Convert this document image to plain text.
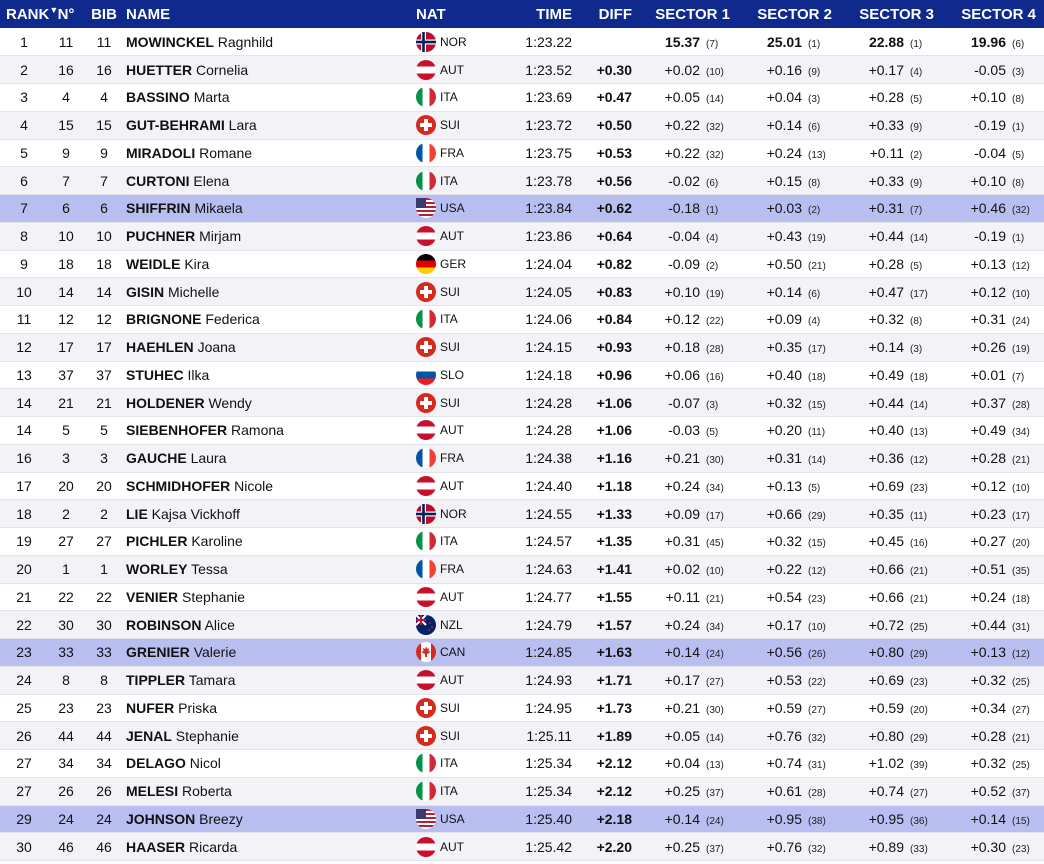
RANK▼	N°	BIB	NAME	NAT	TIME	DIFF	SECTOR 1	SECTOR 2	SECTOR 3	SECTOR 4
1	11	11	MOWINCKEL Ragnhild	NOR	1:23.22		15.37 (7)	25.01 (1)	22.88 (1)	19.96 (6)
2	16	16	HUETTER Cornelia	AUT	1:23.52	+0.30	+0.02 (10)	+0.16 (9)	+0.17 (4)	-0.05 (3)
3	4	4	BASSINO Marta	ITA	1:23.69	+0.47	+0.05 (14)	+0.04 (3)	+0.28 (5)	+0.10 (8)
4	15	15	GUT-BEHRAMI Lara	SUI	1:23.72	+0.50	+0.22 (32)	+0.14 (6)	+0.33 (9)	-0.19 (1)
5	9	9	MIRADOLI Romane	FRA	1:23.75	+0.53	+0.22 (32)	+0.24 (13)	+0.11 (2)	-0.04 (5)
6	7	7	CURTONI Elena	ITA	1:23.78	+0.56	-0.02 (6)	+0.15 (8)	+0.33 (9)	+0.10 (8)
7	6	6	SHIFFRIN Mikaela	USA	1:23.84	+0.62	-0.18 (1)	+0.03 (2)	+0.31 (7)	+0.46 (32)
8	10	10	PUCHNER Mirjam	AUT	1:23.86	+0.64	-0.04 (4)	+0.43 (19)	+0.44 (14)	-0.19 (1)
9	18	18	WEIDLE Kira	GER	1:24.04	+0.82	-0.09 (2)	+0.50 (21)	+0.28 (5)	+0.13 (12)
10	14	14	GISIN Michelle	SUI	1:24.05	+0.83	+0.10 (19)	+0.14 (6)	+0.47 (17)	+0.12 (10)
11	12	12	BRIGNONE Federica	ITA	1:24.06	+0.84	+0.12 (22)	+0.09 (4)	+0.32 (8)	+0.31 (24)
12	17	17	HAEHLEN Joana	SUI	1:24.15	+0.93	+0.18 (28)	+0.35 (17)	+0.14 (3)	+0.26 (19)
13	37	37	STUHEC Ilka	SLO	1:24.18	+0.96	+0.06 (16)	+0.40 (18)	+0.49 (18)	+0.01 (7)
14	21	21	HOLDENER Wendy	SUI	1:24.28	+1.06	-0.07 (3)	+0.32 (15)	+0.44 (14)	+0.37 (28)
14	5	5	SIEBENHOFER Ramona	AUT	1:24.28	+1.06	-0.03 (5)	+0.20 (11)	+0.40 (13)	+0.49 (34)
16	3	3	GAUCHE Laura	FRA	1:24.38	+1.16	+0.21 (30)	+0.31 (14)	+0.36 (12)	+0.28 (21)
17	20	20	SCHMIDHOFER Nicole	AUT	1:24.40	+1.18	+0.24 (34)	+0.13 (5)	+0.69 (23)	+0.12 (10)
18	2	2	LIE Kajsa Vickhoff	NOR	1:24.55	+1.33	+0.09 (17)	+0.66 (29)	+0.35 (11)	+0.23 (17)
19	27	27	PICHLER Karoline	ITA	1:24.57	+1.35	+0.31 (45)	+0.32 (15)	+0.45 (16)	+0.27 (20)
20	1	1	WORLEY Tessa	FRA	1:24.63	+1.41	+0.02 (10)	+0.22 (12)	+0.66 (21)	+0.51 (35)
21	22	22	VENIER Stephanie	AUT	1:24.77	+1.55	+0.11 (21)	+0.54 (23)	+0.66 (21)	+0.24 (18)
22	30	30	ROBINSON Alice	NZL	1:24.79	+1.57	+0.24 (34)	+0.17 (10)	+0.72 (25)	+0.44 (31)
23	33	33	GRENIER Valerie	CAN	1:24.85	+1.63	+0.14 (24)	+0.56 (26)	+0.80 (29)	+0.13 (12)
24	8	8	TIPPLER Tamara	AUT	1:24.93	+1.71	+0.17 (27)	+0.53 (22)	+0.69 (23)	+0.32 (25)
25	23	23	NUFER Priska	SUI	1:24.95	+1.73	+0.21 (30)	+0.59 (27)	+0.59 (20)	+0.34 (27)
26	44	44	JENAL Stephanie	SUI	1:25.11	+1.89	+0.05 (14)	+0.76 (32)	+0.80 (29)	+0.28 (21)
27	34	34	DELAGO Nicol	ITA	1:25.34	+2.12	+0.04 (13)	+0.74 (31)	+1.02 (39)	+0.32 (25)
27	26	26	MELESI Roberta	ITA	1:25.34	+2.12	+0.25 (37)	+0.61 (28)	+0.74 (27)	+0.52 (37)
29	24	24	JOHNSON Breezy	USA	1:25.40	+2.18	+0.14 (24)	+0.95 (38)	+0.95 (36)	+0.14 (15)
30	46	46	HAASER Ricarda	AUT	1:25.42	+2.20	+0.25 (37)	+0.76 (32)	+0.89 (33)	+0.30 (23)
